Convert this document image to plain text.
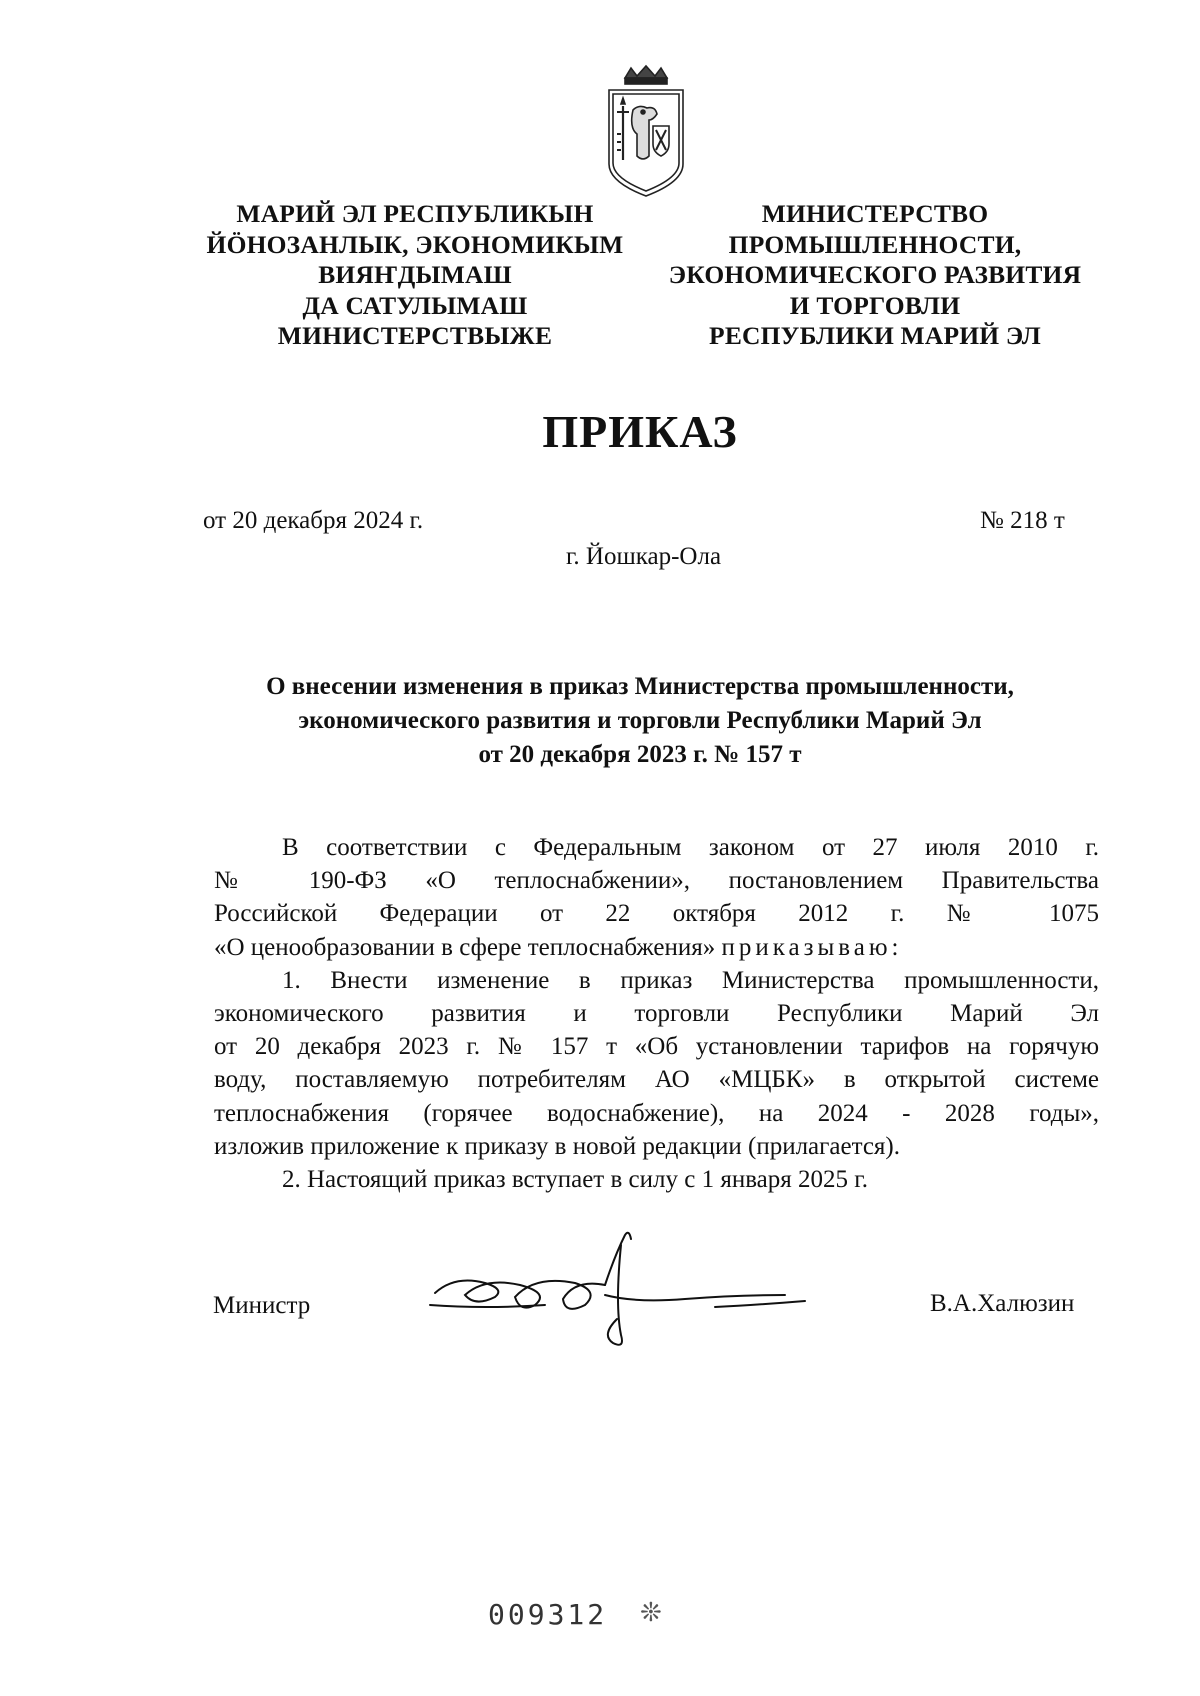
МАРИЙ ЭЛ РЕСПУБЛИКЫН
ЙӦНОЗАНЛЫК, ЭКОНОМИКЫМ
ВИЯҤДЫМАШ
ДА САТУЛЫМАШ
МИНИСТЕРСТВЫЖЕ
МИНИСТЕРСТВО
ПРОМЫШЛЕННОСТИ,
ЭКОНОМИЧЕСКОГО РАЗВИТИЯ
И ТОРГОВЛИ
РЕСПУБЛИКИ МАРИЙ ЭЛ
ПРИКАЗ
от 20 декабря 2024 г.	№ 218 т
г. Йошкар-Ола
О внесении изменения в приказ Министерства промышленности,
экономического развития и торговли Республики Марий Эл
от 20 декабря 2023 г. № 157 т
В соответствии с Федеральным законом от 27 июля 2010 г.
№ 190-ФЗ «О теплоснабжении», постановлением Правительства
Российской Федерации от 22 октября 2012 г. № 1075
«О ценообразовании в сфере теплоснабжения» приказываю:
1. Внести изменение в приказ Министерства промышленности,
экономического развития и торговли Республики Марий Эл
от 20 декабря 2023 г. № 157 т «Об установлении тарифов на горячую
воду, поставляемую потребителям АО «МЦБК» в открытой системе
теплоснабжения (горячее водоснабжение), на 2024 - 2028 годы»,
изложив приложение к приказу в новой редакции (прилагается).
2. Настоящий приказ вступает в силу с 1 января 2025 г.
Министр	В.А.Халюзин
009312 ❊
